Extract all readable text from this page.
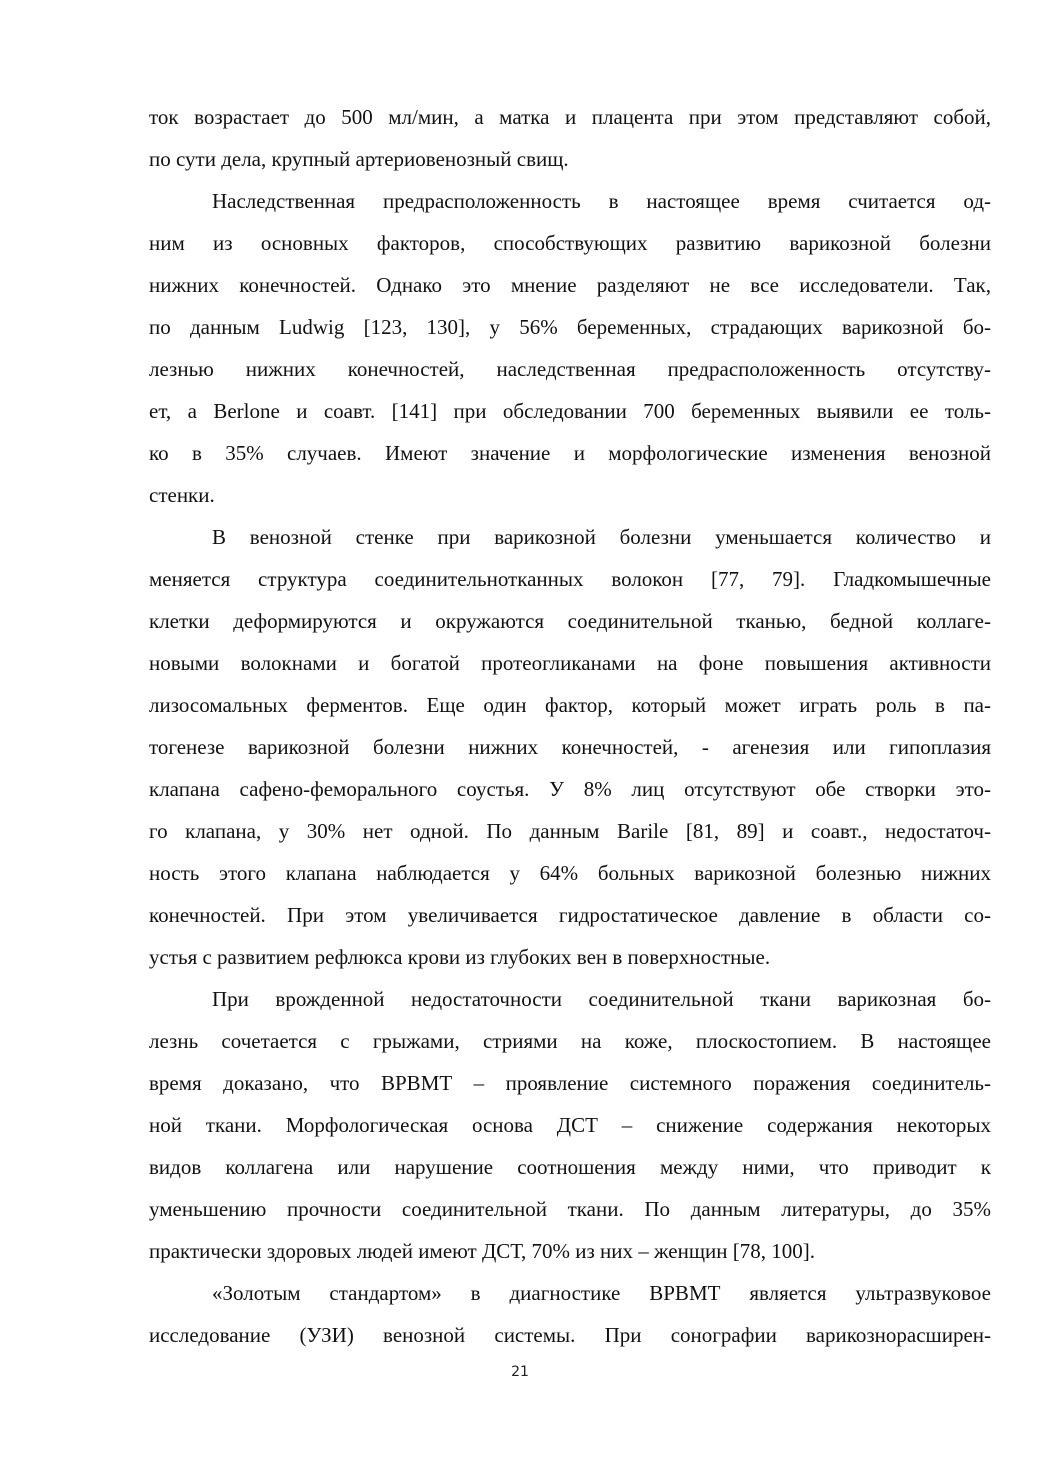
ток возрастает до 500 мл/мин, а матка и плацента при этом представляют собой,
по сути дела, крупный артериовенозный свищ.
Наследственная предрасположенность в настоящее время считается од-
ним из основных факторов, способствующих развитию варикозной болезни
нижних конечностей. Однако это мнение разделяют не все исследователи. Так,
по данным Ludwig [123, 130], у 56% беременных, страдающих варикозной бо-
лезнью нижних конечностей, наследственная предрасположенность отсутству-
ет, а Berlone и соавт. [141] при обследовании 700 беременных выявили ее толь-
ко в 35% случаев. Имеют значение и морфологические изменения венозной
стенки.
В венозной стенке при варикозной болезни уменьшается количество и
меняется структура соединительнотканных волокон [77, 79]. Гладкомышечные
клетки деформируются и окружаются соединительной тканью, бедной коллаге-
новыми волокнами и богатой протеогликанами на фоне повышения активности
лизосомальных ферментов. Еще один фактор, который может играть роль в па-
тогенезе варикозной болезни нижних конечностей, - агенезия или гипоплазия
клапана сафено-феморального соустья. У 8% лиц отсутствуют обе створки это-
го клапана, у 30% нет одной. По данным Barile [81, 89] и соавт., недостаточ-
ность этого клапана наблюдается у 64% больных варикозной болезнью нижних
конечностей. При этом увеличивается гидростатическое давление в области со-
устья с развитием рефлюкса крови из глубоких вен в поверхностные.
При врожденной недостаточности соединительной ткани варикозная бо-
лезнь сочетается с грыжами, стриями на коже, плоскостопием. В настоящее
время доказано, что ВРВМТ – проявление системного поражения соединитель-
ной ткани. Морфологическая основа ДСТ – снижение содержания некоторых
видов коллагена или нарушение соотношения между ними, что приводит к
уменьшению прочности соединительной ткани. По данным литературы, до 35%
практически здоровых людей имеют ДСТ, 70% из них – женщин [78, 100].
«Золотым стандартом» в диагностике ВРВМТ является ультразвуковое
исследование (УЗИ) венозной системы. При сонографии варикознорасширен-
21
